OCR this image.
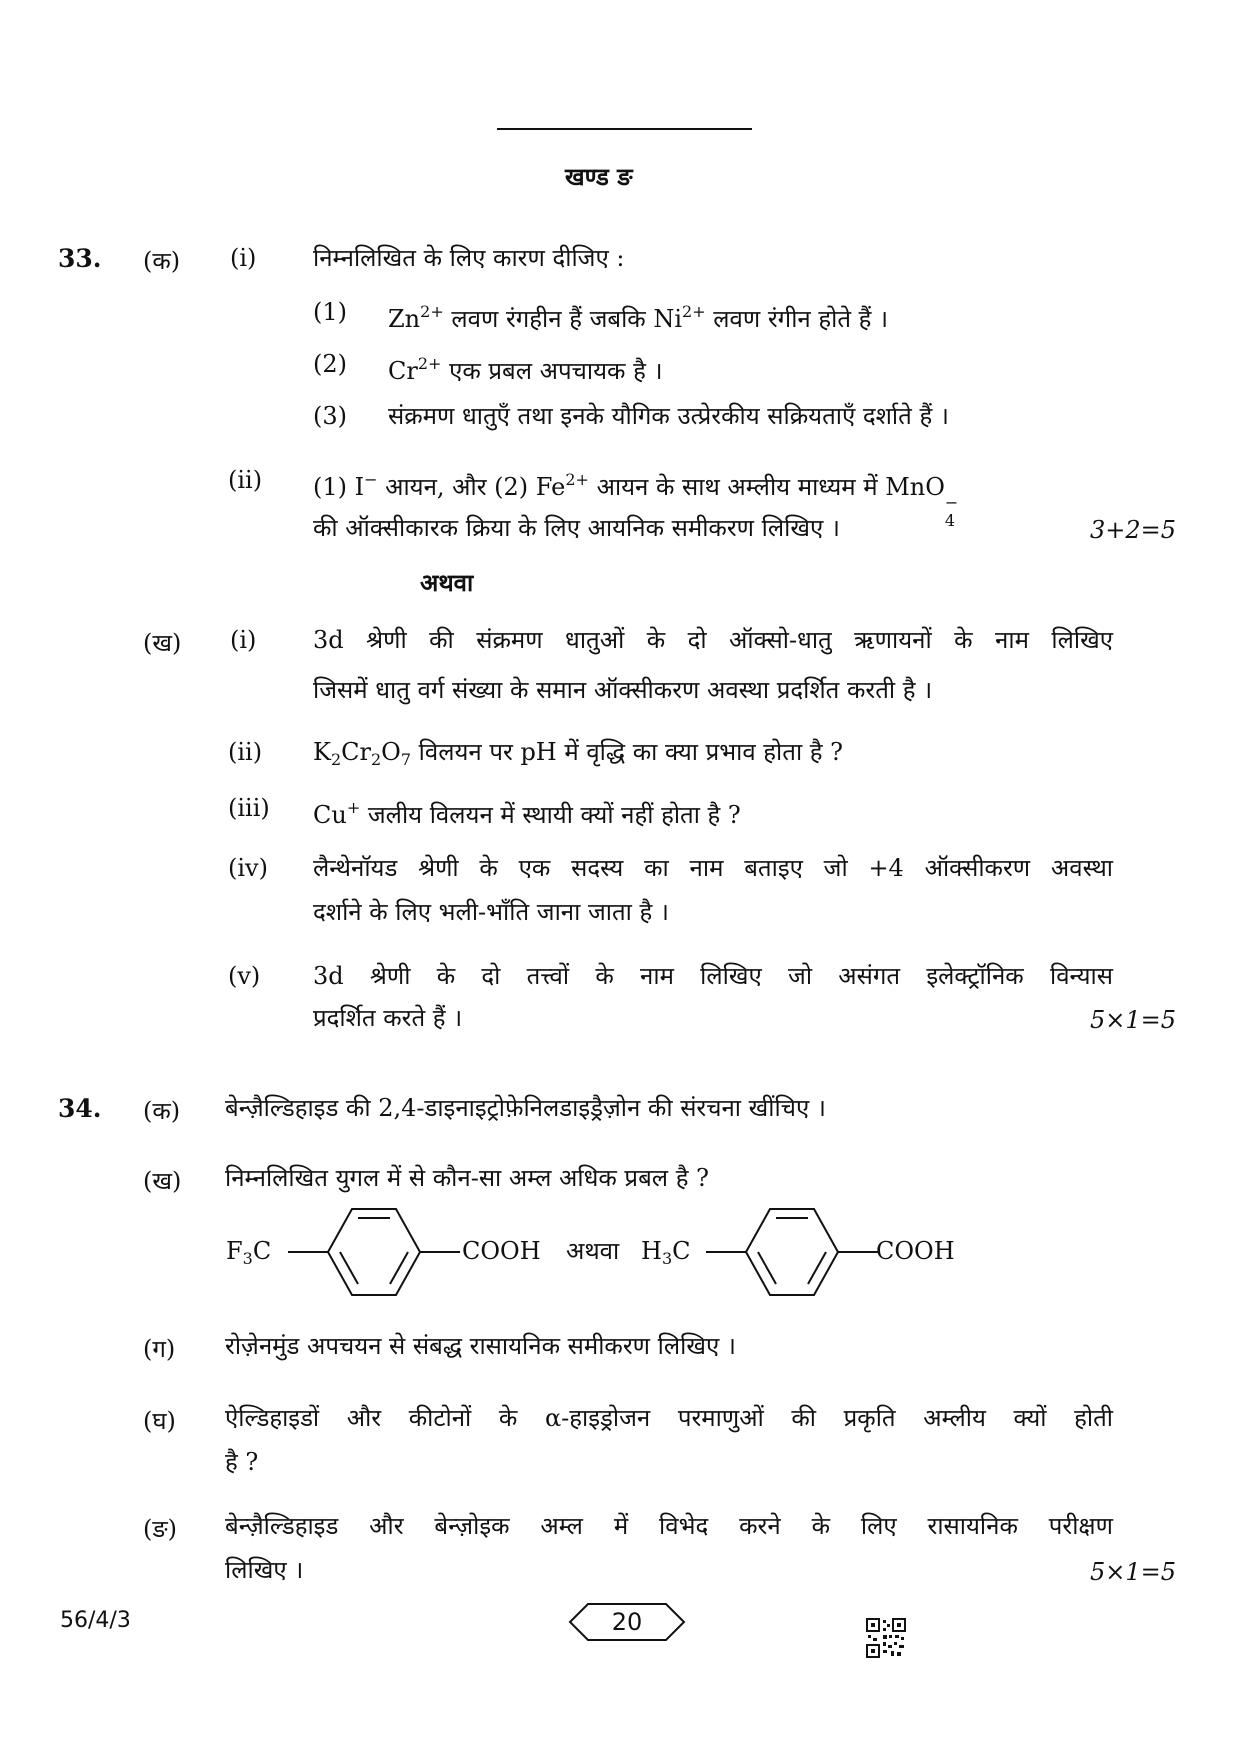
खण्ड ङ
33. (क) (i) निम्नलिखित के लिए कारण दीजिए :
(1) $Zn^{2+}$ लवण रंगहीन हैं जबकि $Ni^{2+}$ लवण रंगीन होते हैं ।
(2) $Cr^{2+}$ एक प्रबल अपचायक है ।
(3) संक्रमण धातुएँ तथा इनके यौगिक उत्प्रेरकीय सक्रियताएँ दर्शाते हैं ।
(ii) (1) I− आयन, और (2) $Fe^{2+}$ आयन के साथ अम्लीय माध्यम में MnO
−
4
की ऑक्सीकारक क्रिया के लिए आयनिक समीकरण लिखिए ।	3+2=5
अथवा
(ख) (i) 3d श्रेणी की संक्रमण धातुओं के दो ऑक्सो-धातु ऋणायनों के नाम लिखिए
जिसमें धातु वर्ग संख्या के समान ऑक्सीकरण अवस्था प्रदर्शित करती है ।
(ii) $K_2Cr_2O_7$ विलयन पर pH में वृद्धि का क्या प्रभाव होता है ?
(iii) Cu+ जलीय विलयन में स्थायी क्यों नहीं होता है ?
(iv) लैन्थेनॉयड श्रेणी के एक सदस्य का नाम बताइए जो +4 ऑक्सीकरण अवस्था
दर्शाने के लिए भली-भाँति जाना जाता है ।
(v) 3d श्रेणी के दो तत्त्वों के नाम लिखिए जो असंगत इलेक्ट्रॉनिक विन्यास
प्रदर्शित करते हैं ।	5×1=5
34. (क) बेन्ज़ैल्डिहाइड की 2,4-डाइनाइट्रोफ़ेनिलडाइड्रैज़ोन की संरचना खींचिए ।
(ख) निम्नलिखित युगल में से कौन-सा अम्ल अधिक प्रबल है ?
$F_3C$	COOH अथवा $H_3C$	COOH
(ग) रोज़ेनमुंड अपचयन से संबद्ध रासायनिक समीकरण लिखिए ।
(घ) ऐल्डिहाइडों और कीटोनों के α-हाइड्रोजन परमाणुओं की प्रकृति अम्लीय क्यों होती
है ?
(ङ) बेन्ज़ैल्डिहाइड और बेन्ज़ोइक अम्ल में विभेद करने के लिए रासायनिक परीक्षण
लिखिए ।	5×1=5
56/4/3	20
